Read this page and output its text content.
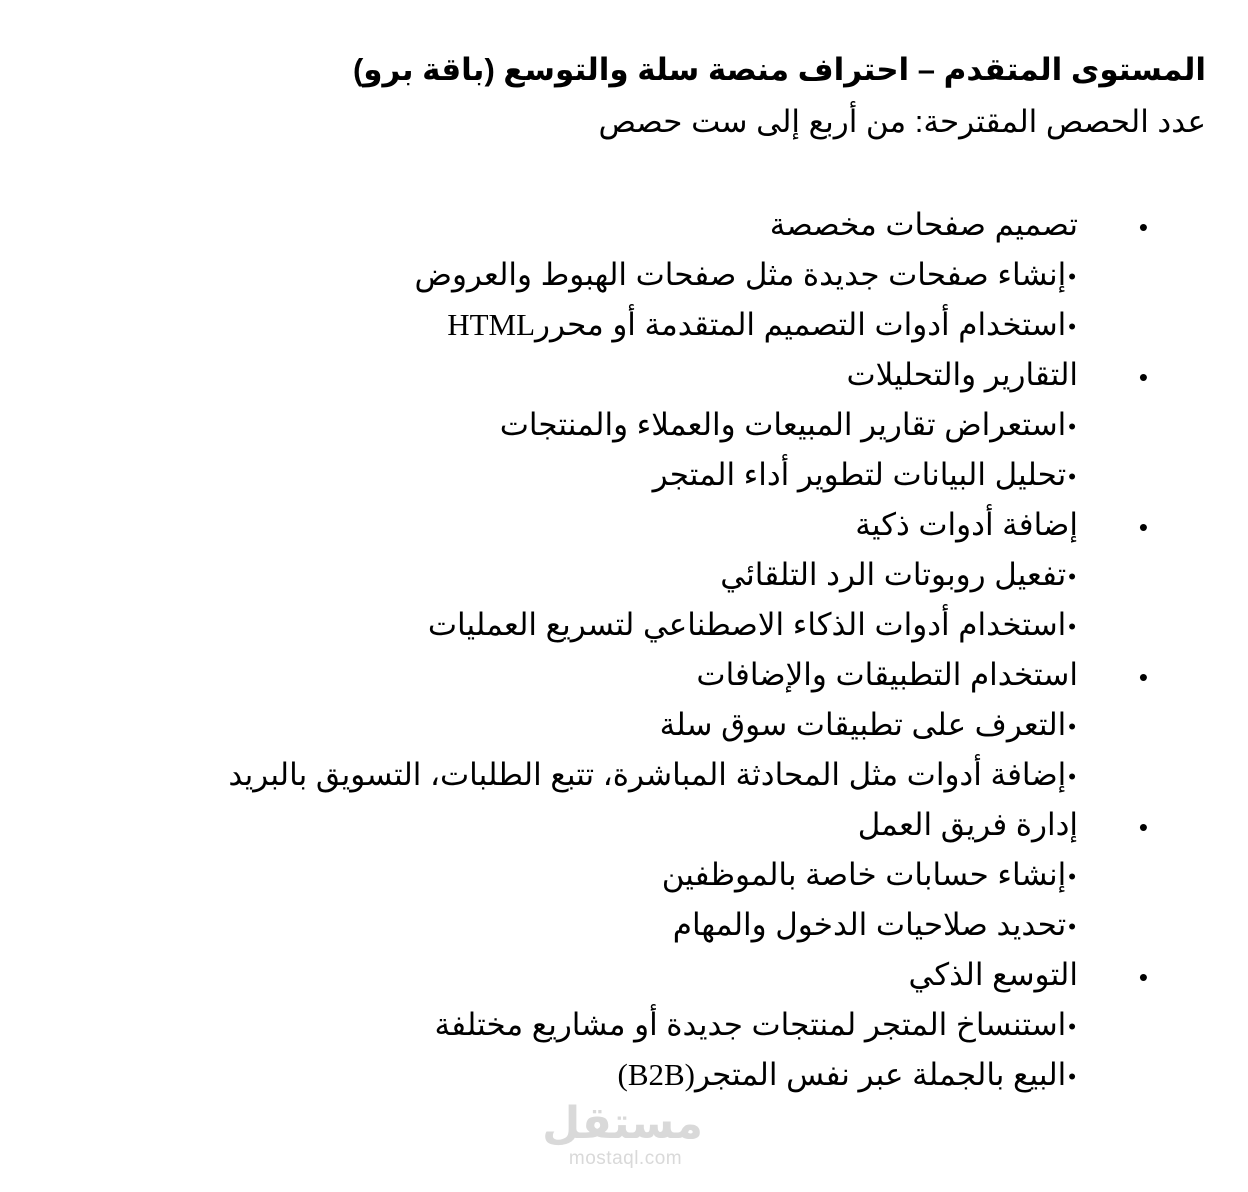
المستوى المتقدم – احتراف منصة سلة والتوسع (باقة برو)

عدد الحصص المقترحة: من أربع إلى ست حصص

•
تصميم صفحات مخصصة
•إنشاء صفحات جديدة مثل صفحات الهبوط والعروض
•استخدام أدوات التصميم المتقدمة أو محررHTML
•
التقارير والتحليلات
•استعراض تقارير المبيعات والعملاء والمنتجات
•تحليل البيانات لتطوير أداء المتجر
•
إضافة أدوات ذكية
•تفعيل روبوتات الرد التلقائي
•استخدام أدوات الذكاء الاصطناعي لتسريع العمليات
•
استخدام التطبيقات والإضافات
•التعرف على تطبيقات سوق سلة
•إضافة أدوات مثل المحادثة المباشرة، تتبع الطلبات، التسويق بالبريد
•
إدارة فريق العمل
•إنشاء حسابات خاصة بالموظفين
•تحديد صلاحيات الدخول والمهام
•
التوسع الذكي
•استنساخ المتجر لمنتجات جديدة أو مشاريع مختلفة
•البيع بالجملة عبر نفس المتجر(B2B)
مستقل
mostaql.com
